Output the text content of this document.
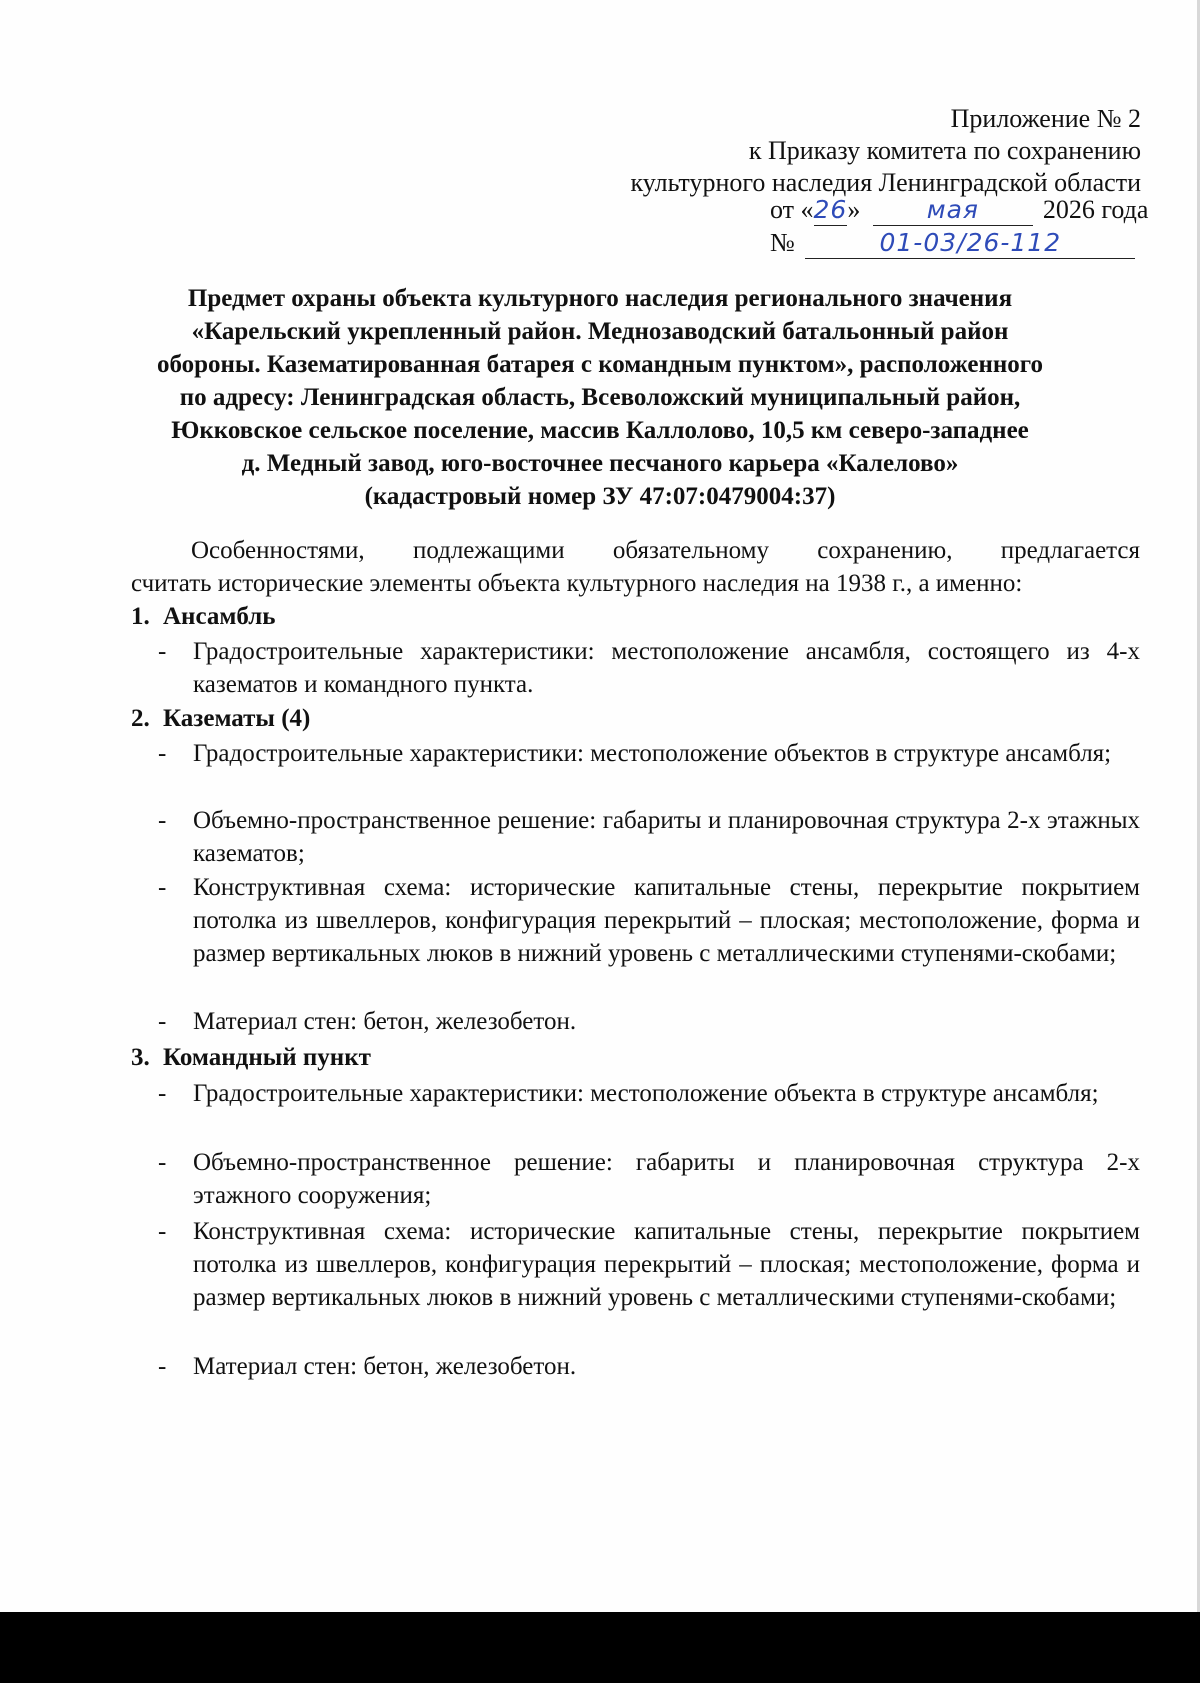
Приложение № 2
к Приказу комитета по сохранению
культурного наследия Ленинградской области
от «26»	мая 2026 года
№	01-03/26-112
Предмет охраны объекта культурного наследия регионального значения
«Карельский укрепленный район. Меднозаводский батальонный район
обороны. Казематированная батарея с командным пунктом», расположенного
по адресу: Ленинградская область, Всеволожский муниципальный район,
Юкковское сельское поселение, массив Каллолово, 10,5 км северо-западнее
д. Медный завод, юго-восточнее песчаного карьера «Калелово»
(кадастровый номер ЗУ 47:07:0479004:37)
Особенностями, подлежащими обязательному сохранению, предлагается
считать исторические элементы объекта культурного наследия на 1938 г., а именно:
1. Ансамбль
-	Градостроительные характеристики: местоположение ансамбля, состоящего из 4-х казематов и командного пункта.
2. Казематы (4)
-	Градостроительные характеристики: местоположение объектов в структуре ансамбля;
-	Объемно-пространственное решение: габариты и планировочная структура 2-х этажных казематов;
-	Конструктивная схема: исторические капитальные стены, перекрытие покрытием потолка из швеллеров, конфигурация перекрытий – плоская; местоположение, форма и размер вертикальных люков в нижний уровень с металлическими ступенями-скобами;
-	Материал стен: бетон, железобетон.
3. Командный пункт
-	Градостроительные характеристики: местоположение объекта в структуре ансамбля;
-	Объемно-пространственное решение: габариты и планировочная структура 2-х этажного сооружения;
-	Конструктивная схема: исторические капитальные стены, перекрытие покрытием потолка из швеллеров, конфигурация перекрытий – плоская; местоположение, форма и размер вертикальных люков в нижний уровень с металлическими ступенями-скобами;
-	Материал стен: бетон, железобетон.
